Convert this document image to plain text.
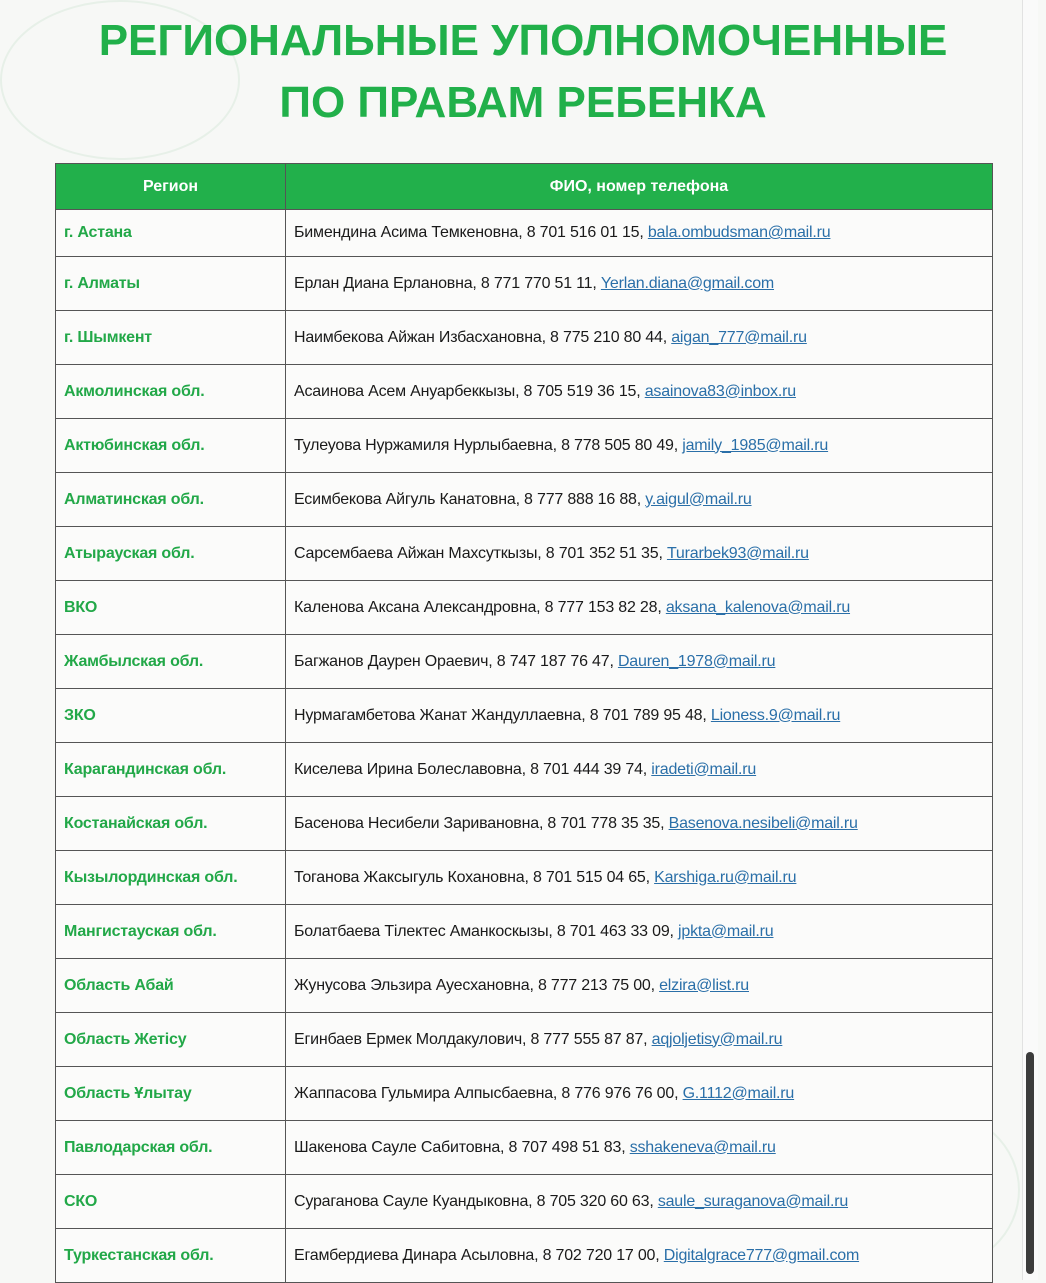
РЕГИОНАЛЬНЫЕ УПОЛНОМОЧЕННЫЕ
ПО ПРАВАМ РЕБЕНКА
Регион	ФИО, номер телефона
г. Астана	Бимендина Асима Темкеновна, 8 701 516 01 15, bala.ombudsman@mail.ru
г. Алматы	Ерлан Диана Ерлановна, 8 771 770 51 11, Yerlan.diana@gmail.com
г. Шымкент	Наимбекова Айжан Избасхановна, 8 775 210 80 44, aigan_777@mail.ru
Акмолинская обл.	Асаинова Асем Ануарбеккызы, 8 705 519 36 15, asainova83@inbox.ru
Актюбинская обл.	Тулеуова Нуржамиля Нурлыбаевна, 8 778 505 80 49, jamily_1985@mail.ru
Алматинская обл.	Есимбекова Айгуль Канатовна, 8 777 888 16 88, y.aigul@mail.ru
Атырауская обл.	Сарсембаева Айжан Махсуткызы, 8 701 352 51 35, Turarbek93@mail.ru
ВКО	Каленова Аксана Александровна, 8 777 153 82 28, aksana_kalenova@mail.ru
Жамбылская обл.	Багжанов Даурен Ораевич, 8 747 187 76 47, Dauren_1978@mail.ru
ЗКО	Нурмагамбетова Жанат Жандуллаевна, 8 701 789 95 48, Lioness.9@mail.ru
Карагандинская обл.	Киселева Ирина Болеславовна, 8 701 444 39 74, iradeti@mail.ru
Костанайская обл.	Басенова Несибели Заривановна, 8 701 778 35 35, Basenova.nesibeli@mail.ru
Кызылординская обл.	Тоганова Жаксыгуль Кохановна, 8 701 515 04 65, Karshiga.ru@mail.ru
Мангистауская обл.	Болатбаева Тілектес Аманкоскызы, 8 701 463 33 09, jpkta@mail.ru
Область Абай	Жунусова Эльзира Ауесхановна, 8 777 213 75 00, elzira@list.ru
Область Жетісу	Егинбаев Ермек Молдакулович, 8 777 555 87 87, aqjoljetisy@mail.ru
Область Ұлытау	Жаппасова Гульмира Алпысбаевна, 8 776 976 76 00, G.1112@mail.ru
Павлодарская обл.	Шакенова Сауле Сабитовна, 8 707 498 51 83, sshakeneva@mail.ru
СКО	Сураганова Сауле Куандыковна, 8 705 320 60 63, saule_suraganova@mail.ru
Туркестанская обл.	Егамбердиева Динара Асыловна, 8 702 720 17 00, Digitalgrace777@gmail.com
